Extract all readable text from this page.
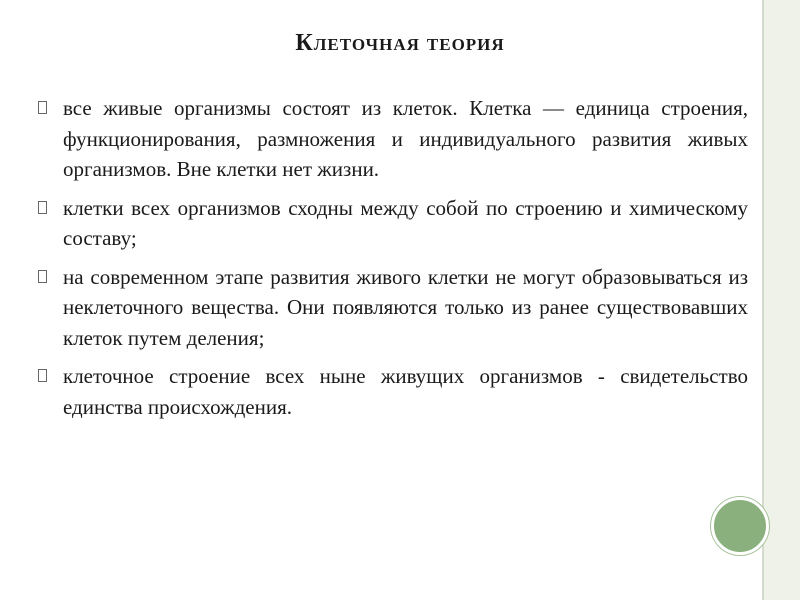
Клеточная теория
все живые организмы состоят из клеток. Клетка — единица строения, функционирования, размножения и индивидуального развития живых организмов. Вне клетки нет жизни.
клетки всех организмов сходны между собой по строению и химическому составу;
на современном этапе развития живого клетки не могут образовываться из неклеточного вещества. Они появляются только из ранее существовавших клеток путем деления;
клеточное строение всех ныне живущих организмов - свидетельство единства происхождения.
